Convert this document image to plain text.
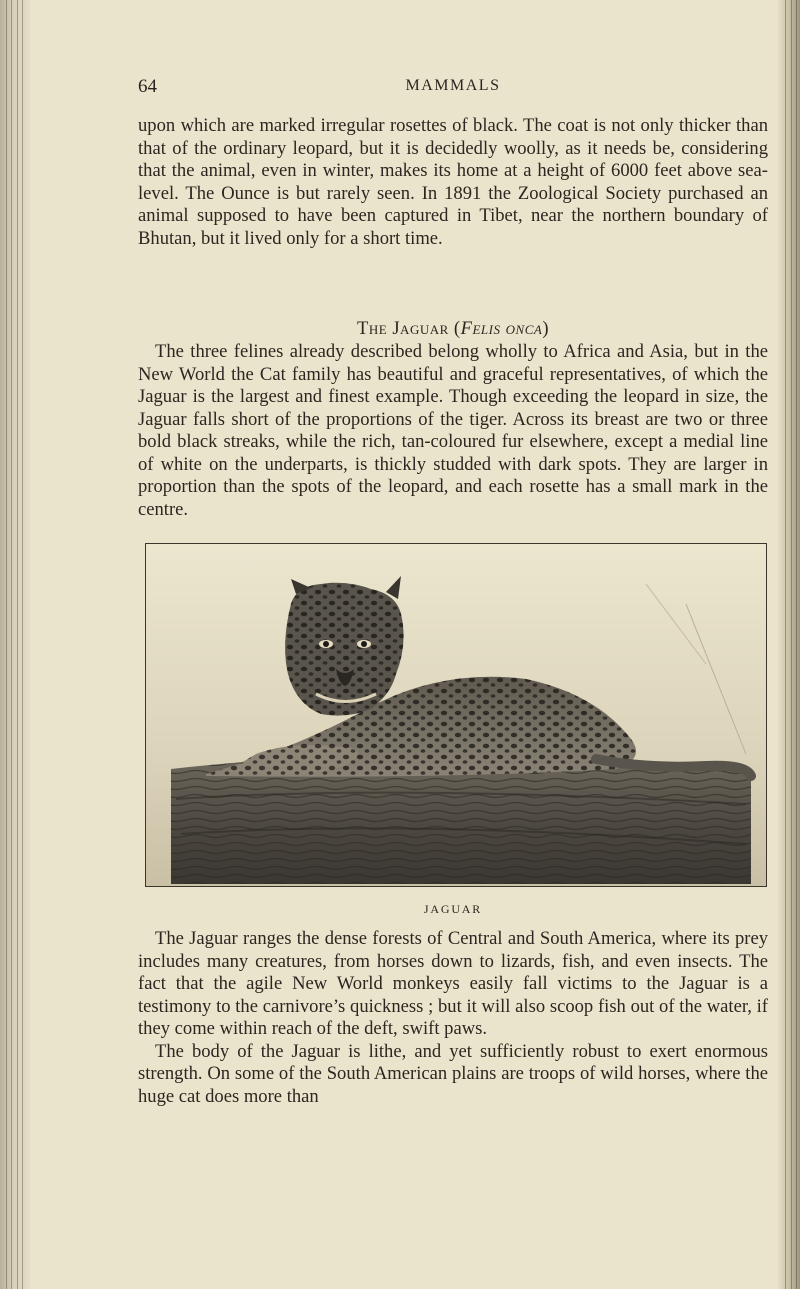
64	MAMMALS

upon which are marked irregular rosettes of black. The coat is not only thicker than that of the ordinary leopard, but it is decidedly woolly, as it needs be, considering that the animal, even in winter, makes its home at a height of 6000 feet above sea-level. The Ounce is but rarely seen. In 1891 the Zoological Society purchased an animal supposed to have been captured in Tibet, near the northern boundary of Bhutan, but it lived only for a short time.

The Jaguar (Felis onca)

The three felines already described belong wholly to Africa and Asia, but in the New World the Cat family has beautiful and graceful representatives, of which the Jaguar is the largest and finest example. Though exceeding the leopard in size, the Jaguar falls short of the proportions of the tiger. Across its breast are two or three bold black streaks, while the rich, tan-coloured fur elsewhere, except a medial line of white on the underparts, is thickly studded with dark spots. They are larger in proportion than the spots of the leopard, and each rosette has a small mark in the centre.

JAGUAR

The Jaguar ranges the dense forests of Central and South America, where its prey includes many creatures, from horses down to lizards, fish, and even insects. The fact that the agile New World monkeys easily fall victims to the Jaguar is a testimony to the carnivore’s quickness ; but it will also scoop fish out of the water, if they come within reach of the deft, swift paws.

The body of the Jaguar is lithe, and yet sufficiently robust to exert enormous strength. On some of the South American plains are troops of wild horses, where the huge cat does more than
